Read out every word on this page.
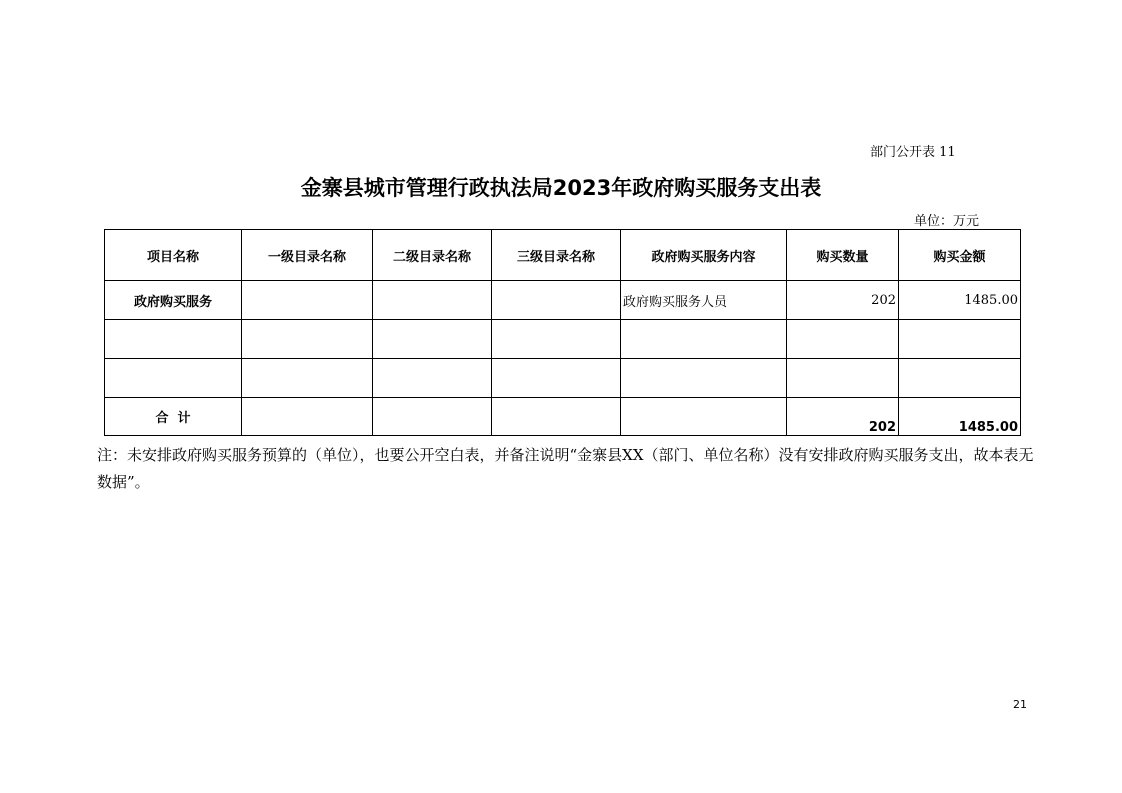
部门公开表 11
金寨县城市管理行政执法局2023年政府购买服务支出表
单位：万元
项目名称	一级目录名称	二级目录名称	三级目录名称	政府购买服务内容	购买数量	购买金额
政府购买服务				政府购买服务人员	202	1485.00

合  计					202	1485.00
注：未安排政府购买服务预算的（单位），也要公开空白表，并备注说明“金寨县XX（部门、单位名称）没有安排政府购买服务支出，故本表无数据”。
21
